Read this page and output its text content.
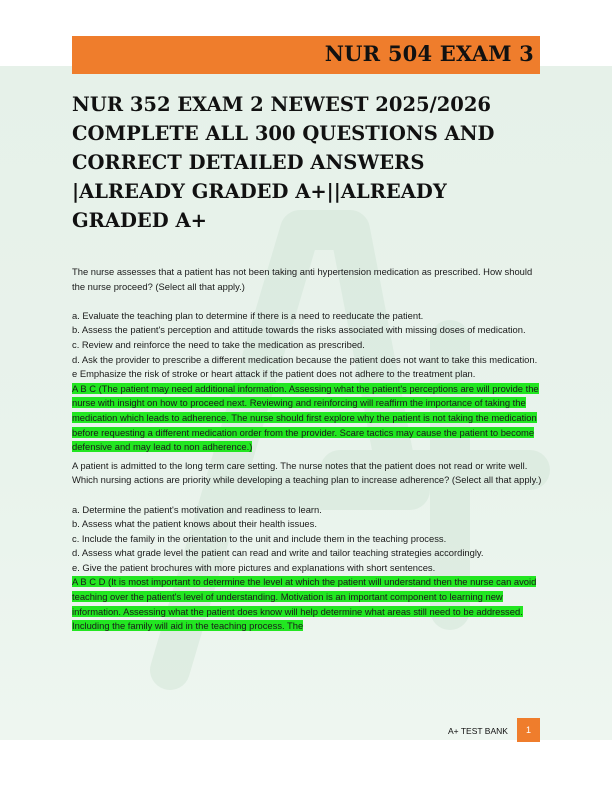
NUR 504 EXAM 3
NUR 352 EXAM 2 NEWEST 2025/2026 COMPLETE ALL 300 QUESTIONS AND CORRECT DETAILED ANSWERS |ALREADY GRADED A+||ALREADY GRADED A+

The nurse assesses that a patient has not been taking anti hypertension medication as prescribed. How should the nurse proceed? (Select all that apply.)

a. Evaluate the teaching plan to determine if there is a need to reeducate the patient.

b. Assess the patient's perception and attitude towards the risks associated with missing doses of medication.

c. Review and reinforce the need to take the medication as prescribed.

d. Ask the provider to prescribe a different medication because the patient does not want to take this medication.

e Emphasize the risk of stroke or heart attack if the patient does not adhere to the treatment plan.

A B C (The patient may need additional information. Assessing what the patient's perceptions are will provide the nurse with insight on how to proceed next. Reviewing and reinforcing will reaffirm the importance of taking the medication which leads to adherence. The nurse should first explore why the patient is not taking the medication before requesting a different medication order from the provider. Scare tactics may cause the patient to become defensive and may lead to non adherence.)

A patient is admitted to the long term care setting. The nurse notes that the patient does not read or write well. Which nursing actions are priority while developing a teaching plan to increase adherence? (Select all that apply.)

a. Determine the patient's motivation and readiness to learn.

b. Assess what the patient knows about their health issues.

c. Include the family in the orientation to the unit and include them in the teaching process.

d. Assess what grade level the patient can read and write and tailor teaching strategies accordingly.

e. Give the patient brochures with more pictures and explanations with short sentences.

A B C D (It is most important to determine the level at which the patient will understand then the nurse can avoid teaching over the patient's level of understanding. Motivation is an important component to learning new information. Assessing what the patient does know will help determine what areas still need to be addressed. Including the family will aid in the teaching process. The

A+ TEST BANK	1
